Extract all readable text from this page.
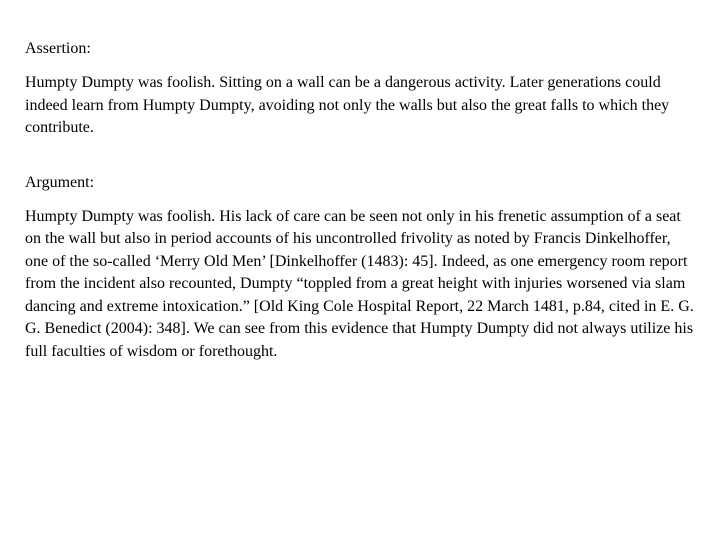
Assertion:

Humpty Dumpty was foolish. Sitting on a wall can be a dangerous activity. Later generations could indeed learn from Humpty Dumpty, avoiding not only the walls but also the great falls to which they contribute.

Argument:

Humpty Dumpty was foolish. His lack of care can be seen not only in his frenetic assumption of a seat on the wall but also in period accounts of his uncontrolled frivolity as noted by Francis Dinkelhoffer, one of the so-called ‘Merry Old Men’ [Dinkelhoffer (1483): 45]. Indeed, as one emergency room report from the incident also recounted, Dumpty “toppled from a great height with injuries worsened via slam dancing and extreme intoxication.” [Old King Cole Hospital Report, 22 March 1481, p.84, cited in E. G. G. Benedict (2004): 348]. We can see from this evidence that Humpty Dumpty did not always utilize his full faculties of wisdom or forethought.
